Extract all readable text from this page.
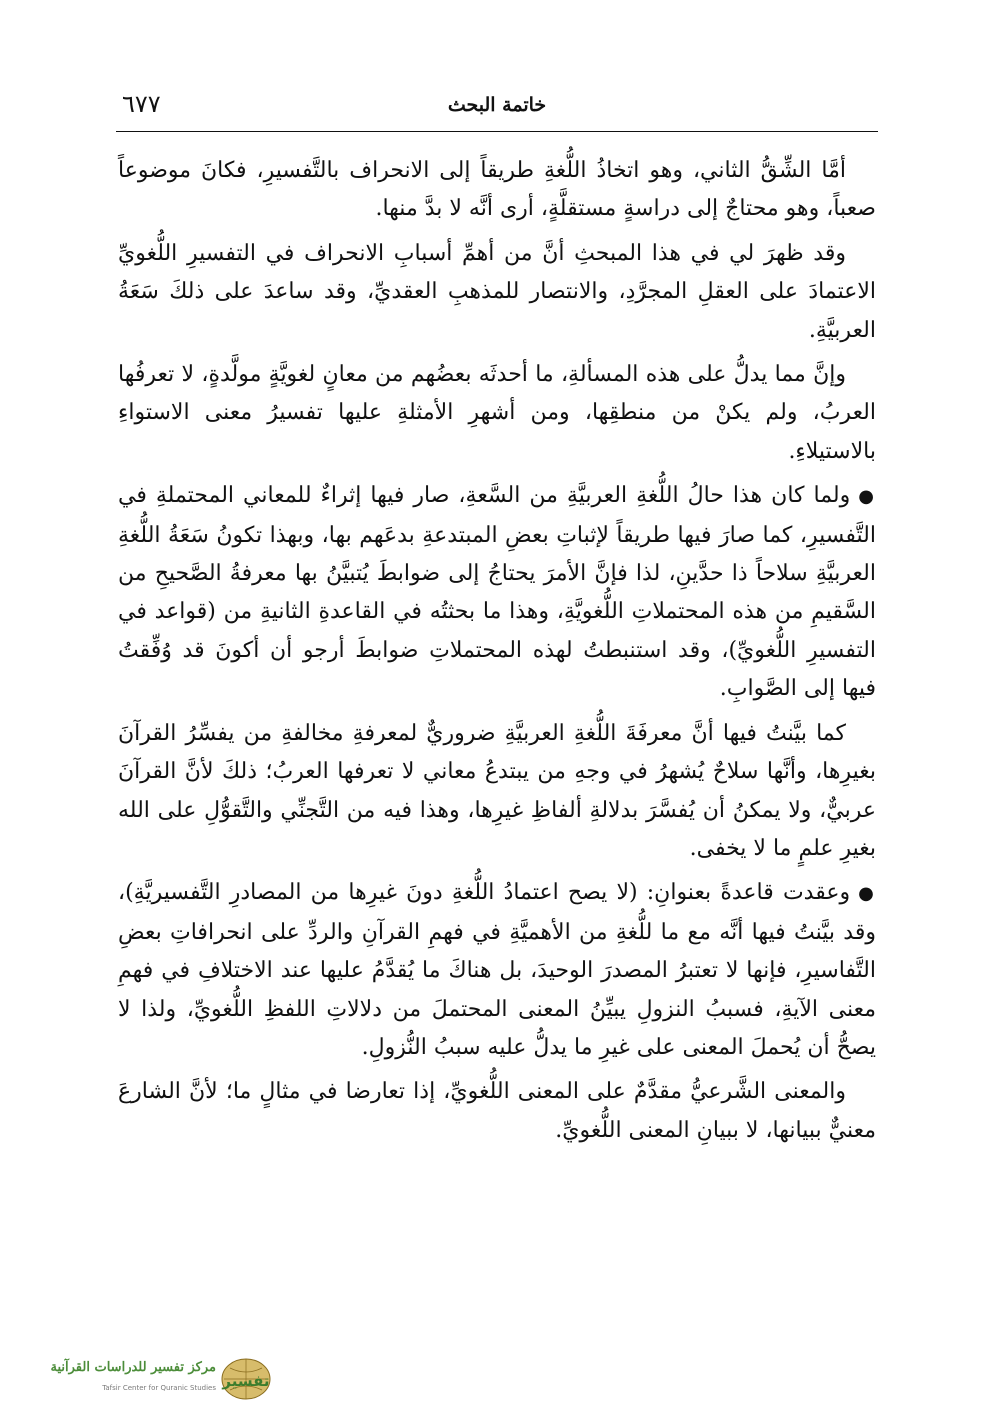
خاتمة البحث
٦٧٧

أمَّا الشِّقُّ الثاني، وهو اتخاذُ اللُّغةِ طريقاً إلى الانحراف بالتَّفسيرِ، فكانَ موضوعاً صعباً، وهو محتاجٌ إلى دراسةٍ مستقلَّةٍ، أرى أنَّه لا بدَّ منها.

وقد ظهرَ لي في هذا المبحثِ أنَّ من أهمِّ أسبابِ الانحراف في التفسيرِ اللُّغويِّ الاعتمادَ على العقلِ المجرَّدِ، والانتصار للمذهبِ العقديِّ، وقد ساعدَ على ذلكَ سَعَةُ العربيَّةِ.

وإنَّ مما يدلُّ على هذه المسألةِ، ما أحدثَه بعضُهم من معانٍ لغويَّةٍ مولَّدةٍ، لا تعرفُها العربُ، ولم يكنْ من منطقِها، ومن أشهرِ الأمثلةِ عليها تفسيرُ معنى الاستواءِ بالاستيلاءِ.

●ولما كان هذا حالُ اللُّغةِ العربيَّةِ من السَّعةِ، صار فيها إثراءٌ للمعاني المحتملةِ في التَّفسيرِ، كما صارَ فيها طريقاً لإثباتِ بعضِ المبتدعةِ بدعَهم بها، وبهذا تكونُ سَعَةُ اللُّغةِ العربيَّةِ سلاحاً ذا حدَّينِ، لذا فإنَّ الأمرَ يحتاجُ إلى ضوابطَ يُتبيَّنُ بها معرفةُ الصَّحيحِ من السَّقيمِ من هذه المحتملاتِ اللُّغويَّةِ، وهذا ما بحثتُه في القاعدةِ الثانيةِ من (قواعد في التفسيرِ اللُّغويِّ)، وقد استنبطتُ لهذه المحتملاتِ ضوابطَ أرجو أن أكونَ قد وُفِّقتُ فيها إلى الصَّوابِ.

كما بيَّنتُ فيها أنَّ معرفَةَ اللُّغةِ العربيَّةِ ضروريٌّ لمعرفةِ مخالفةِ من يفسِّرُ القرآنَ بغيرِها، وأنَّها سلاحٌ يُشهرُ في وجهِ من يبتدعُ معاني لا تعرفها العربُ؛ ذلكَ لأنَّ القرآنَ عربيٌّ، ولا يمكنُ أن يُفسَّرَ بدلالةِ ألفاظِ غيرِها، وهذا فيه من التَّجنِّي والتَّقوُّلِ على الله بغيرِ علمٍ ما لا يخفى.

●وعقدت قاعدةً بعنوانِ: (لا يصح اعتمادُ اللُّغةِ دونَ غيرِها من المصادرِ التَّفسيريَّةِ)، وقد بيَّنتُ فيها أنَّه مع ما للُّغةِ من الأهميَّةِ في فهمِ القرآنِ والردِّ على انحرافاتِ بعضِ التَّفاسيرِ، فإنها لا تعتبرُ المصدرَ الوحيدَ، بل هناكَ ما يُقدَّمُ عليها عند الاختلافِ في فهمِ معنى الآيةِ، فسببُ النزولِ يبيِّنُ المعنى المحتملَ من دلالاتِ اللفظِ اللُّغويِّ، ولذا لا يصحُّ أن يُحملَ المعنى على غيرِ ما يدلُّ عليه سببُ النُّزولِ.

والمعنى الشَّرعيُّ مقدَّمٌ على المعنى اللُّغويِّ، إذا تعارضا في مثالٍ ما؛ لأنَّ الشارعَ معنيٌّ ببيانها، لا ببيانِ المعنى اللُّغويِّ.

تفسير
مركز تفسير للدراسات القرآنية
Tafsir Center for Quranic Studies
